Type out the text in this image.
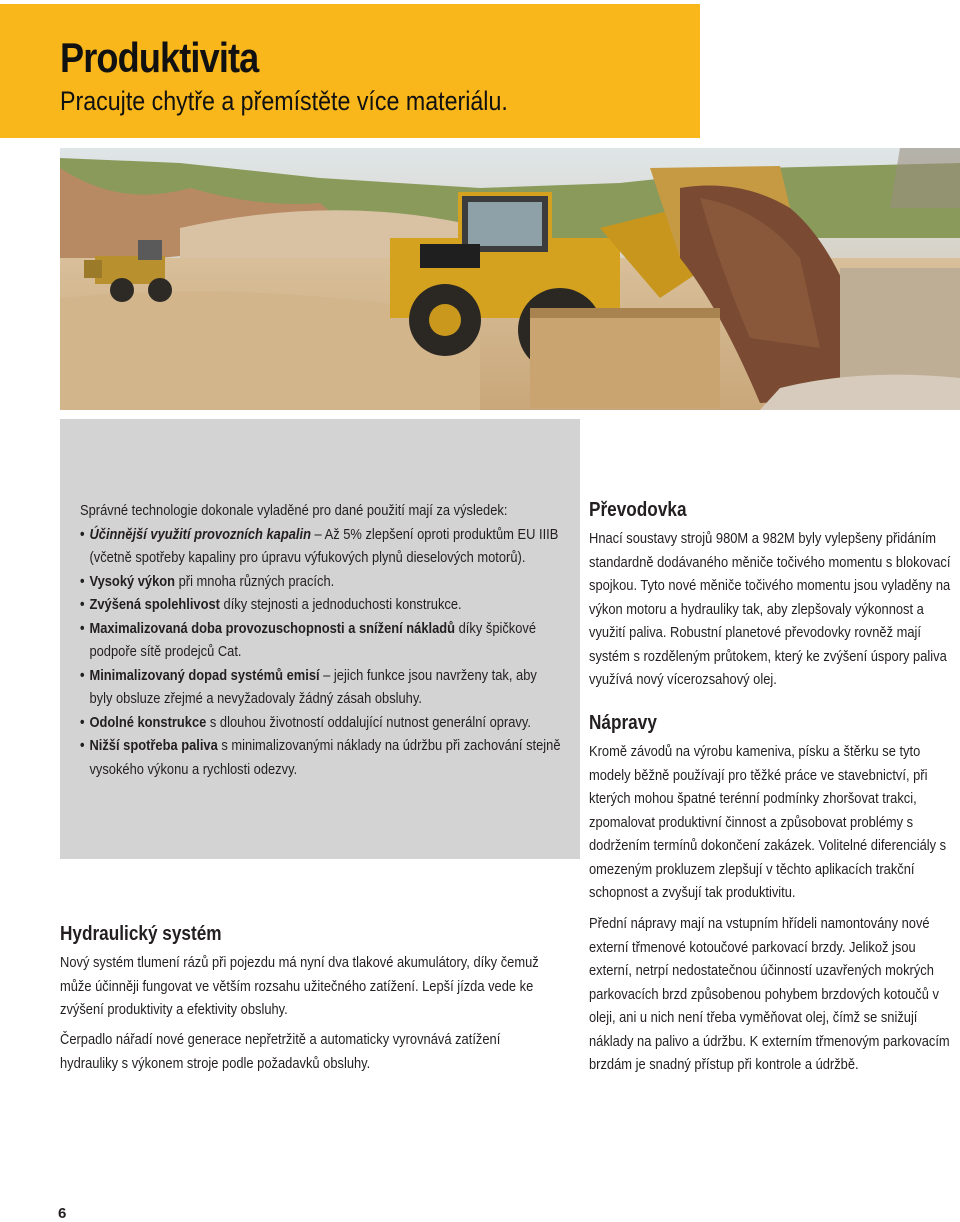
Produktivita
Pracujte chytře a přemístěte více materiálu.

Správné technologie dokonale vyladěné pro dané použití mají za výsledek:

• Účinnější využití provozních kapalin – Až 5% zlepšení oproti produktům EU IIIB (včetně spotřeby kapaliny pro úpravu výfukových plynů dieselových motorů).
• Vysoký výkon při mnoha různých pracích.
• Zvýšená spolehlivost díky stejnosti a jednoduchosti konstrukce.
• Maximalizovaná doba provozuschopnosti a snížení nákladů díky špičkové podpoře sítě prodejců Cat.
• Minimalizovaný dopad systémů emisí – jejich funkce jsou navrženy tak, aby byly obsluze zřejmé a nevyžadovaly žádný zásah obsluhy.
• Odolné konstrukce s dlouhou životností oddalující nutnost generální opravy.
• Nižší spotřeba paliva s minimalizovanými náklady na údržbu při zachování stejně vysokého výkonu a rychlosti odezvy.
Převodovka

Hnací soustavy strojů 980M a 982M byly vylepšeny přidáním standardně dodávaného měniče točivého momentu s blokovací spojkou. Tyto nové měniče točivého momentu jsou vyladěny na výkon motoru a hydrauliky tak, aby zlepšovaly výkonnost a využití paliva. Robustní planetové převodovky rovněž mají systém s rozděleným průtokem, který ke zvýšení úspory paliva využívá nový vícerozsahový olej.

Nápravy

Kromě závodů na výrobu kameniva, písku a štěrku se tyto modely běžně používají pro těžké práce ve stavebnictví, při kterých mohou špatné terénní podmínky zhoršovat trakci, zpomalovat produktivní činnost a způsobovat problémy s dodržením termínů dokončení zakázek. Volitelné diferenciály s omezeným prokluzem zlepšují v těchto aplikacích trakční schopnost a zvyšují tak produktivitu.

Přední nápravy mají na vstupním hřídeli namontovány nové externí třmenové kotoučové parkovací brzdy. Jelikož jsou externí, netrpí nedostatečnou účinností uzavřených mokrých parkovacích brzd způsobenou pohybem brzdových kotoučů v oleji, ani u nich není třeba vyměňovat olej, čímž se snižují náklady na palivo a údržbu. K externím třmenovým parkovacím brzdám je snadný přístup při kontrole a údržbě.

Hydraulický systém

Nový systém tlumení rázů při pojezdu má nyní dva tlakové akumulátory, díky čemuž může účinněji fungovat ve větším rozsahu užitečného zatížení. Lepší jízda vede ke zvýšení produktivity a efektivity obsluhy.

Čerpadlo nářadí nové generace nepřetržitě a automaticky vyrovnává zatížení hydrauliky s výkonem stroje podle požadavků obsluhy.

6
